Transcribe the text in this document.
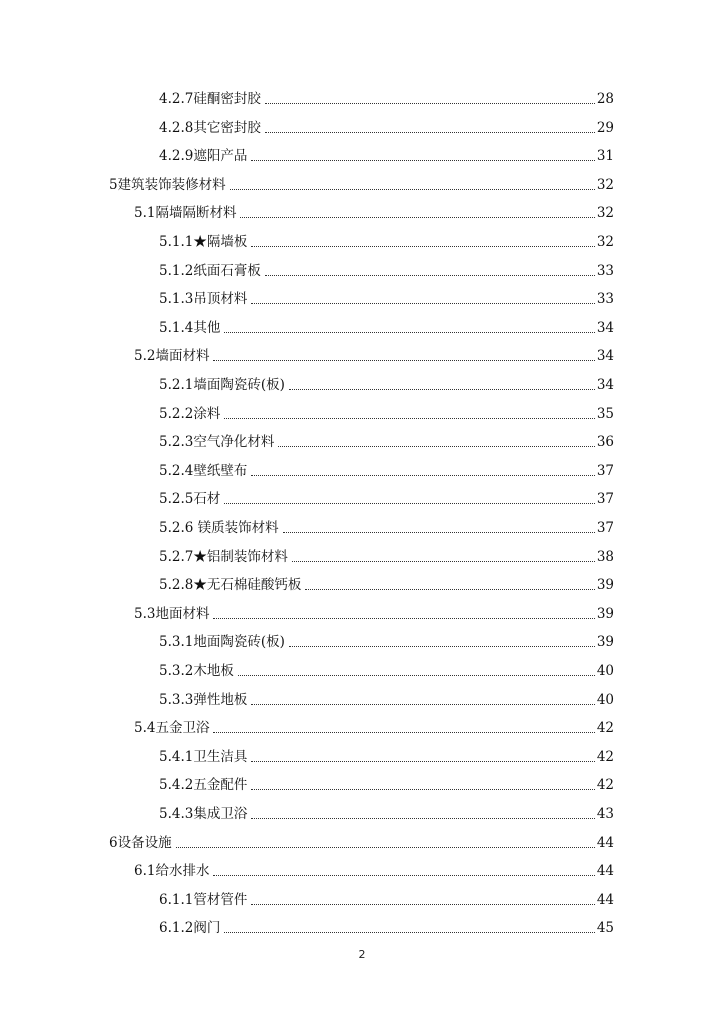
4.2.7硅酮密封胶	28
4.2.8其它密封胶	29
4.2.9遮阳产品	31
5建筑装饰装修材料	32
5.1隔墙隔断材料	32
5.1.1★隔墙板	32
5.1.2纸面石膏板	33
5.1.3吊顶材料	33
5.1.4其他	34
5.2墙面材料	34
5.2.1墙面陶瓷砖(板)	34
5.2.2涂料	35
5.2.3空气净化材料	36
5.2.4壁纸壁布	37
5.2.5石材	37
5.2.6 镁质装饰材料	37
5.2.7★铝制装饰材料	38
5.2.8★无石棉硅酸钙板	39
5.3地面材料	39
5.3.1地面陶瓷砖(板)	39
5.3.2木地板	40
5.3.3弹性地板	40
5.4五金卫浴	42
5.4.1卫生洁具	42
5.4.2五金配件	42
5.4.3集成卫浴	43
6设备设施	44
6.1给水排水	44
6.1.1管材管件	44
6.1.2阀门	45
2
